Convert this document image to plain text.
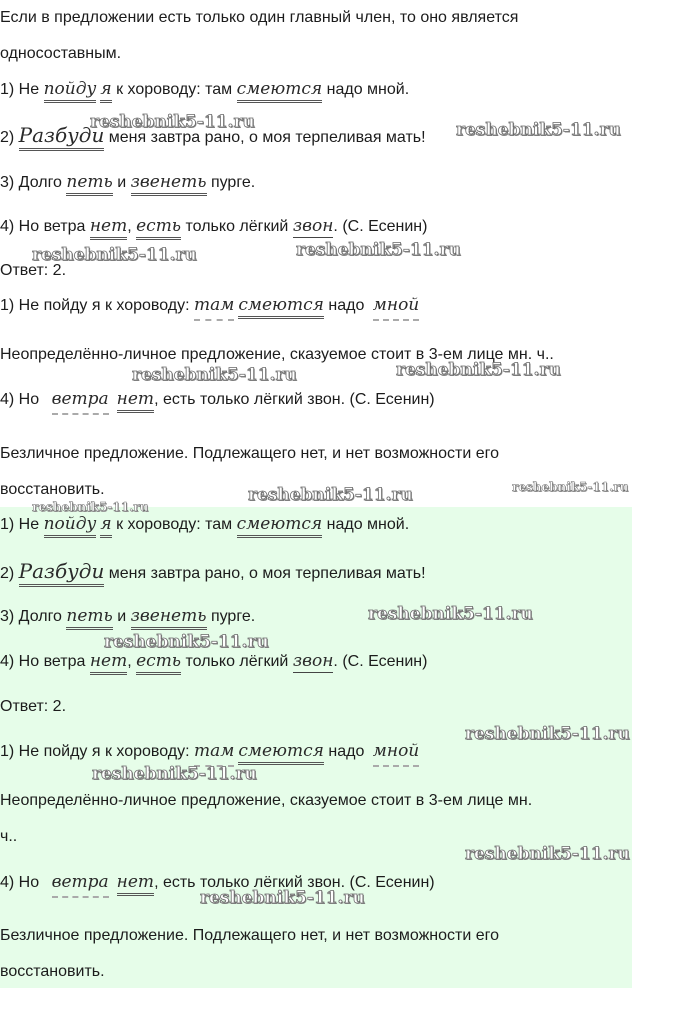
Если в предложении есть только один главный член, то оно является
односоставным.
1) Не пойду я к хороводу: там смеются надо мной.
2) Разбуди меня завтра рано, о моя терпеливая мать!
3) Долго петь и звенеть пурге.
4) Но ветра нет, есть только лёгкий звон. (С. Есенин)
Ответ: 2.
1) Не пойду я к хороводу: там смеются надо мной
Неопределённо-личное предложение, сказуемое стоит в 3-ем лице мн. ч..
4) Но ветра нет, есть только лёгкий звон. (С. Есенин)
Безличное предложение. Подлежащего нет, и нет возможности его
восстановить.
1) Не пойду я к хороводу: там смеются надо мной.
2) Разбуди меня завтра рано, о моя терпеливая мать!
3) Долго петь и звенеть пурге.
4) Но ветра нет, есть только лёгкий звон. (С. Есенин)
Ответ: 2.
1) Не пойду я к хороводу: там смеются надо мной
Неопределённо-личное предложение, сказуемое стоит в 3-ем лице мн.
ч..
4) Но ветра нет, есть только лёгкий звон. (С. Есенин)
Безличное предложение. Подлежащего нет, и нет возможности его
восстановить.
reshebnik5-11.ru	reshebnik5-11.ru
reshebnik5-11.ru	reshebnik5-11.ru
reshebnik5-11.ru	reshebnik5-11.ru
reshebnik5-11.ru	reshebnik5-11.ru
reshebnik5-11.ru
reshebnik5-11.ru
reshebnik5-11.ru
reshebnik5-11.ru
reshebnik5-11.ru
reshebnik5-11.ru
reshebnik5-11.ru
